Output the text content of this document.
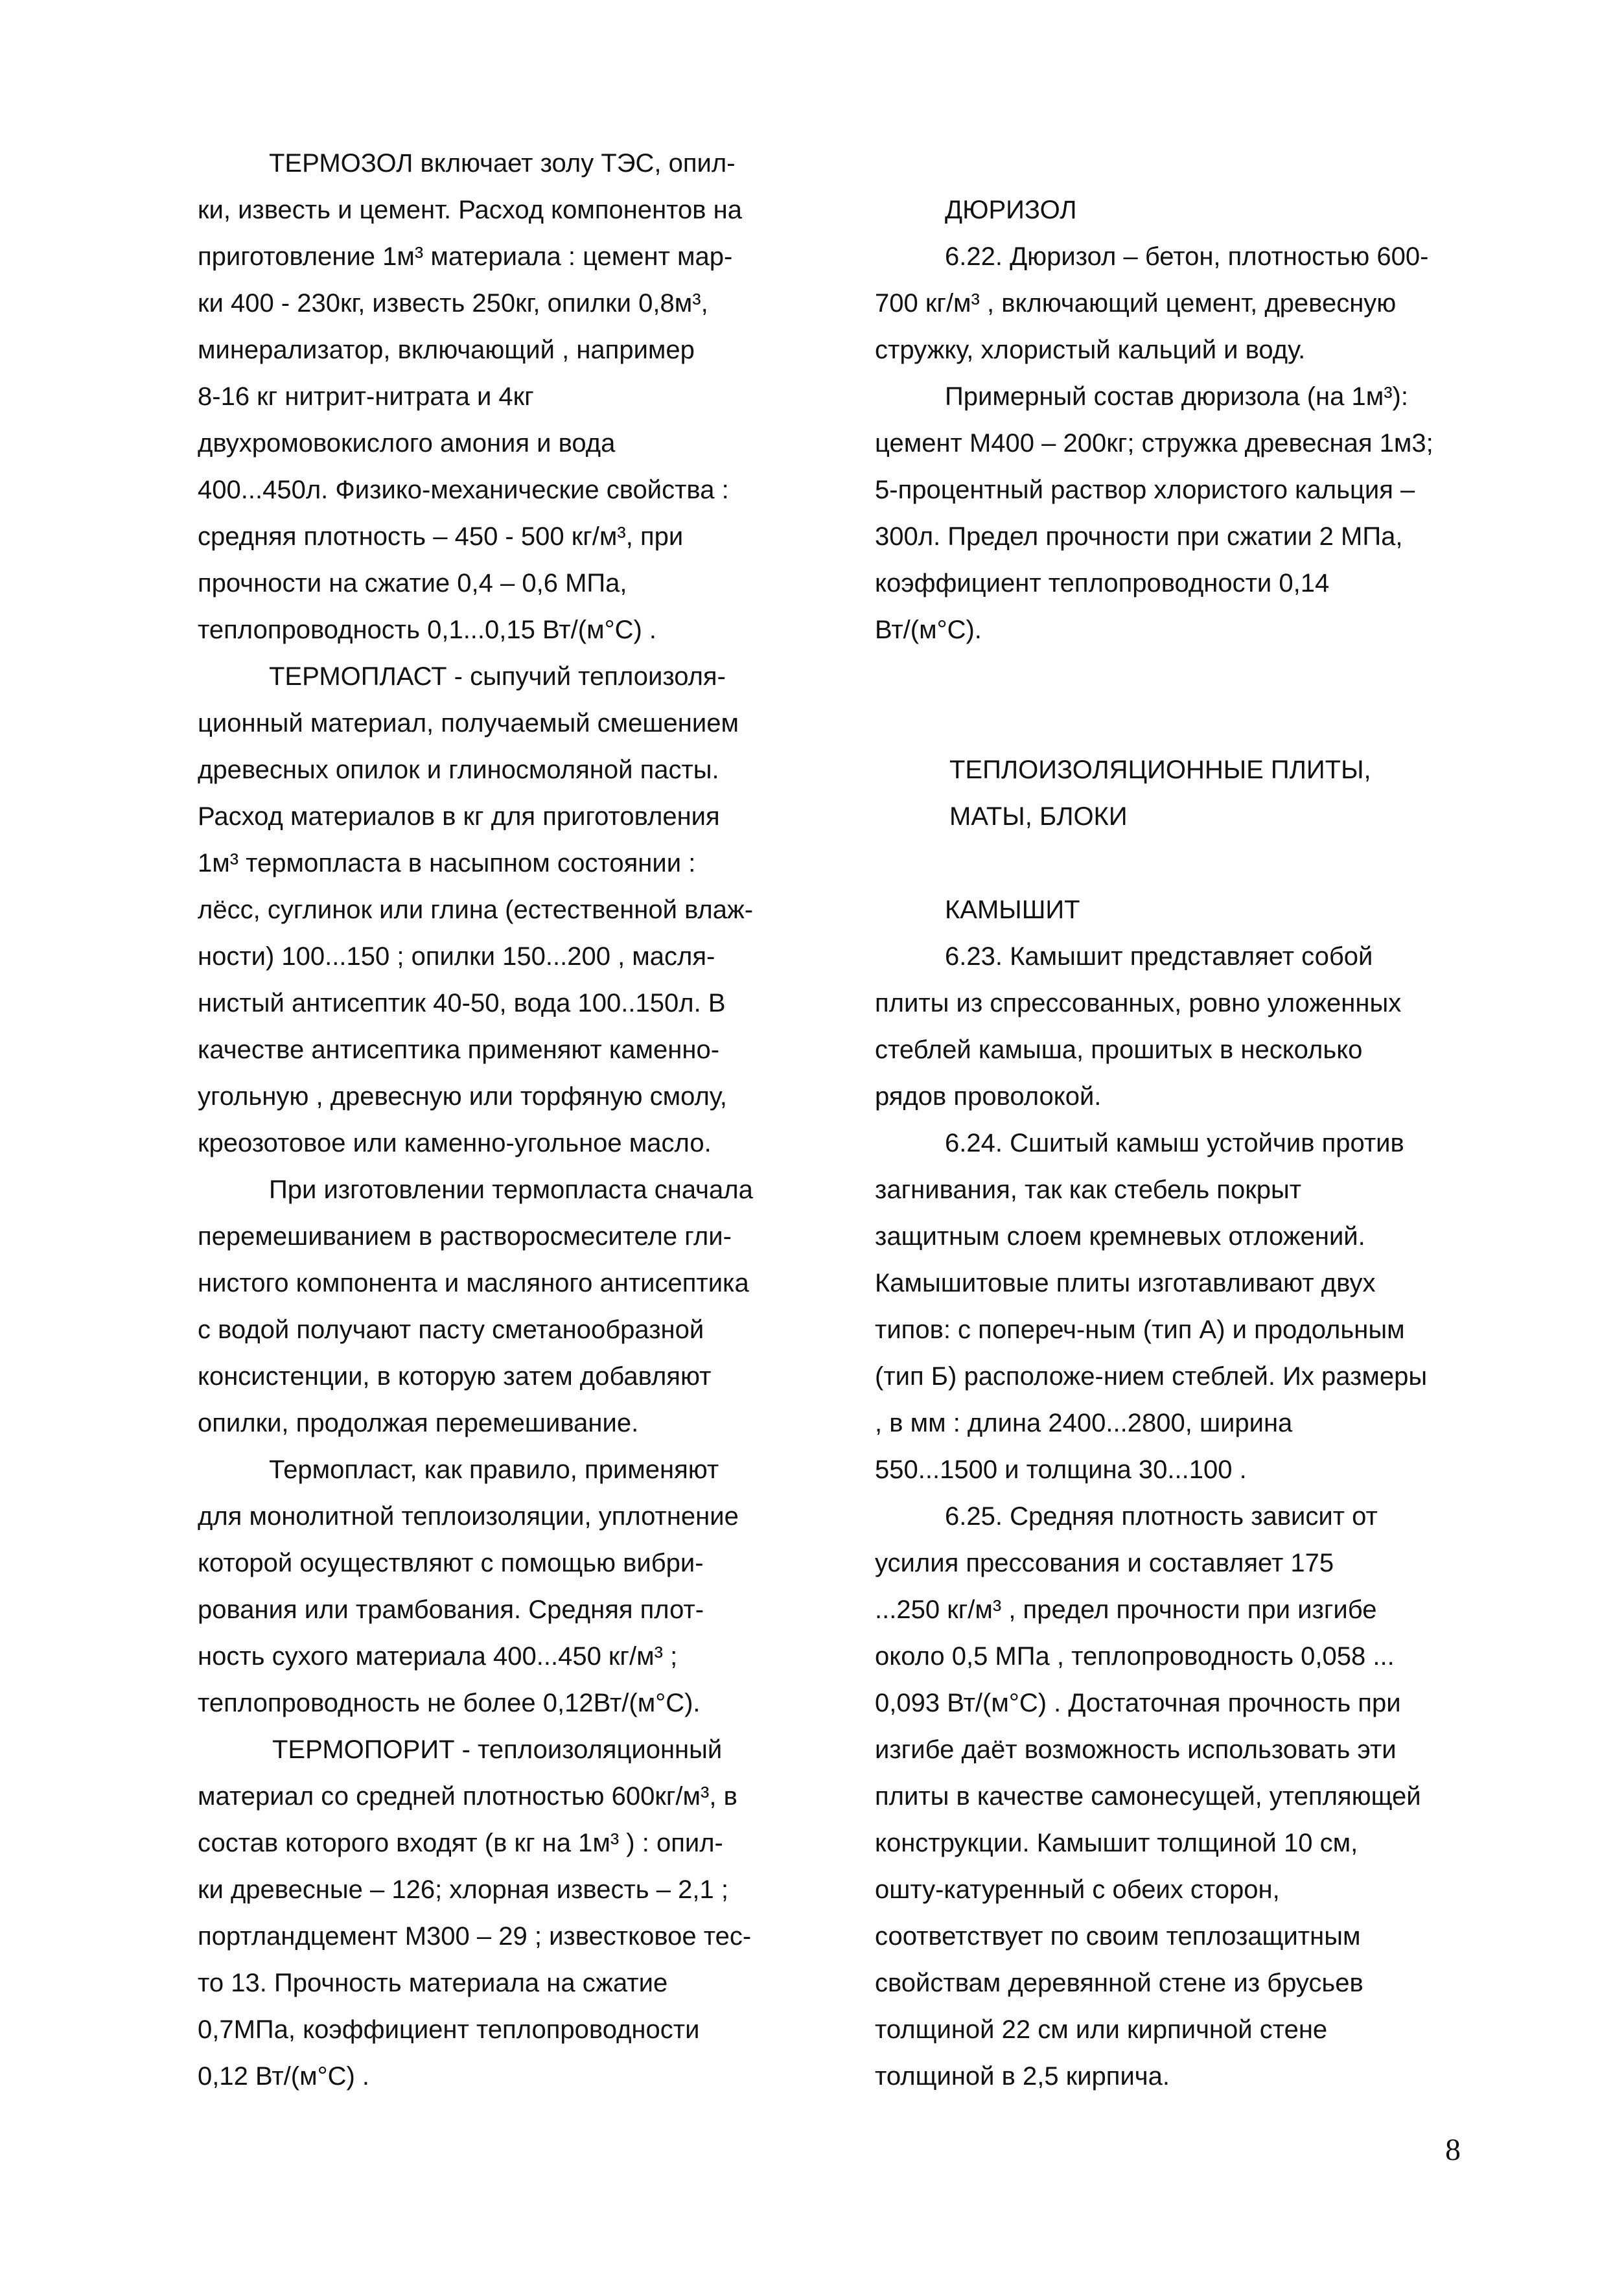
ТЕРМОЗОЛ включает золу ТЭС, опил-
ки, известь и цемент. Расход компонентов на
приготовление 1м³ материала : цемент мар-
ки 400 - 230кг, известь 250кг, опилки 0,8м³,
минерализатор, включающий , например
8-16 кг нитрит-нитрата и 4кг
двухромовокислого амония и вода
400...450л. Физико-механические свойства :
средняя плотность – 450 - 500 кг/м³, при
прочности на сжатие 0,4 – 0,6 МПа,
теплопроводность 0,1...0,15 Вт/(м°С) .
ТЕРМОПЛАСТ - сыпучий теплоизоля-
ционный материал, получаемый смешением
древесных опилок и глиносмоляной пасты.
Расход материалов в кг для приготовления
1м³ термопласта в насыпном состоянии :
лёсс, суглинок или глина (естественной влаж-
ности) 100...150 ; опилки 150...200 , масля-
нистый антисептик 40-50, вода 100..150л. В
качестве антисептика применяют каменно-
угольную , древесную или торфяную смолу,
креозотовое или каменно-угольное масло.
При изготовлении термопласта сначала
перемешиванием в растворосмесителе гли-
нистого компонента и масляного антисептика
с водой получают пасту сметанообразной
консистенции, в которую затем добавляют
опилки, продолжая перемешивание.
Термопласт, как правило, применяют
для монолитной теплоизоляции, уплотнение
которой осуществляют с помощью вибри-
рования или трамбования. Средняя плот-
ность сухого материала 400...450 кг/м³ ;
теплопроводность не более 0,12Вт/(м°С).
ТЕРМОПОРИТ - теплоизоляционный
материал со средней плотностью 600кг/м³, в
состав которого входят (в кг на 1м³ ) : опил-
ки древесные – 126; хлорная известь – 2,1 ;
портландцемент М300 – 29 ; известковое тес-
то 13. Прочность материала на сжатие
0,7МПа, коэффициент теплопроводности
0,12 Вт/(м°С) .
ДЮРИЗОЛ
6.22. Дюризол – бетон, плотностью 600-
700 кг/м³ , включающий цемент, древесную
стружку, хлористый кальций и воду.
Примерный состав дюризола (на 1м³):
цемент М400 – 200кг; стружка древесная 1м3;
5-процентный раствор хлористого кальция –
300л. Предел прочности при сжатии 2 МПа,
коэффициент теплопроводности 0,14
Вт/(м°С).
ТЕПЛОИЗОЛЯЦИОННЫЕ ПЛИТЫ,
МАТЫ, БЛОКИ
КАМЫШИТ
6.23. Камышит представляет собой
плиты из спрессованных, ровно уложенных
стеблей камыша, прошитых в несколько
рядов проволокой.
6.24. Сшитый камыш устойчив против
загнивания, так как стебель покрыт
защитным слоем кремневых отложений.
Камышитовые плиты изготавливают двух
типов: с попереч-ным (тип А) и продольным
(тип Б) расположе-нием стеблей. Их размеры
, в мм : длина 2400...2800, ширина
550...1500 и толщина 30...100 .
6.25. Средняя плотность зависит от
усилия прессования и составляет 175
...250 кг/м³ , предел прочности при изгибе
около 0,5 МПа , теплопроводность 0,058 ...
0,093 Вт/(м°С) . Достаточная прочность при
изгибе даёт возможность использовать эти
плиты в качестве самонесущей, утепляющей
конструкции. Камышит толщиной 10 см,
ошту-катуренный с обеих сторон,
соответствует по своим теплозащитным
свойствам деревянной стене из брусьев
толщиной 22 см или кирпичной стене
толщиной в 2,5 кирпича.
8
